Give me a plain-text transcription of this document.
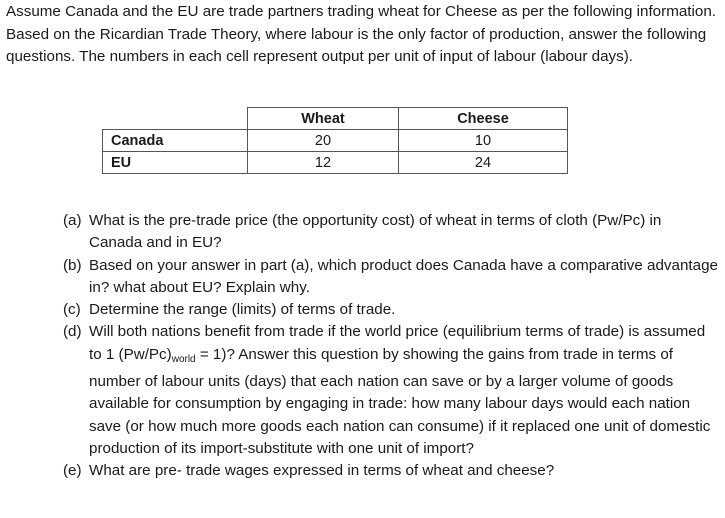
Assume Canada and the EU are trade partners trading wheat for Cheese as per the following information. Based on the Ricardian Trade Theory, where labour is the only factor of production, answer the following questions. The numbers in each cell represent output per unit of input of labour (labour days).

	Wheat	Cheese
Canada	20	10
EU	12	24
(a) What is the pre-trade price (the opportunity cost) of wheat in terms of cloth (Pw/Pc) in Canada and in EU?
(b) Based on your answer in part (a), which product does Canada have a comparative advantage in? what about EU? Explain why.
(c) Determine the range (limits) of terms of trade.
(d) Will both nations benefit from trade if the world price (equilibrium terms of trade) is assumed to 1 $(Pw/Pc)_{world} = 1$)? Answer this question by showing the gains from trade in terms of number of labour units (days) that each nation can save or by a larger volume of goods available for consumption by engaging in trade: how many labour days would each nation save (or how much more goods each nation can consume) if it replaced one unit of domestic production of its import-substitute with one unit of import?
(e) What are pre- trade wages expressed in terms of wheat and cheese?
